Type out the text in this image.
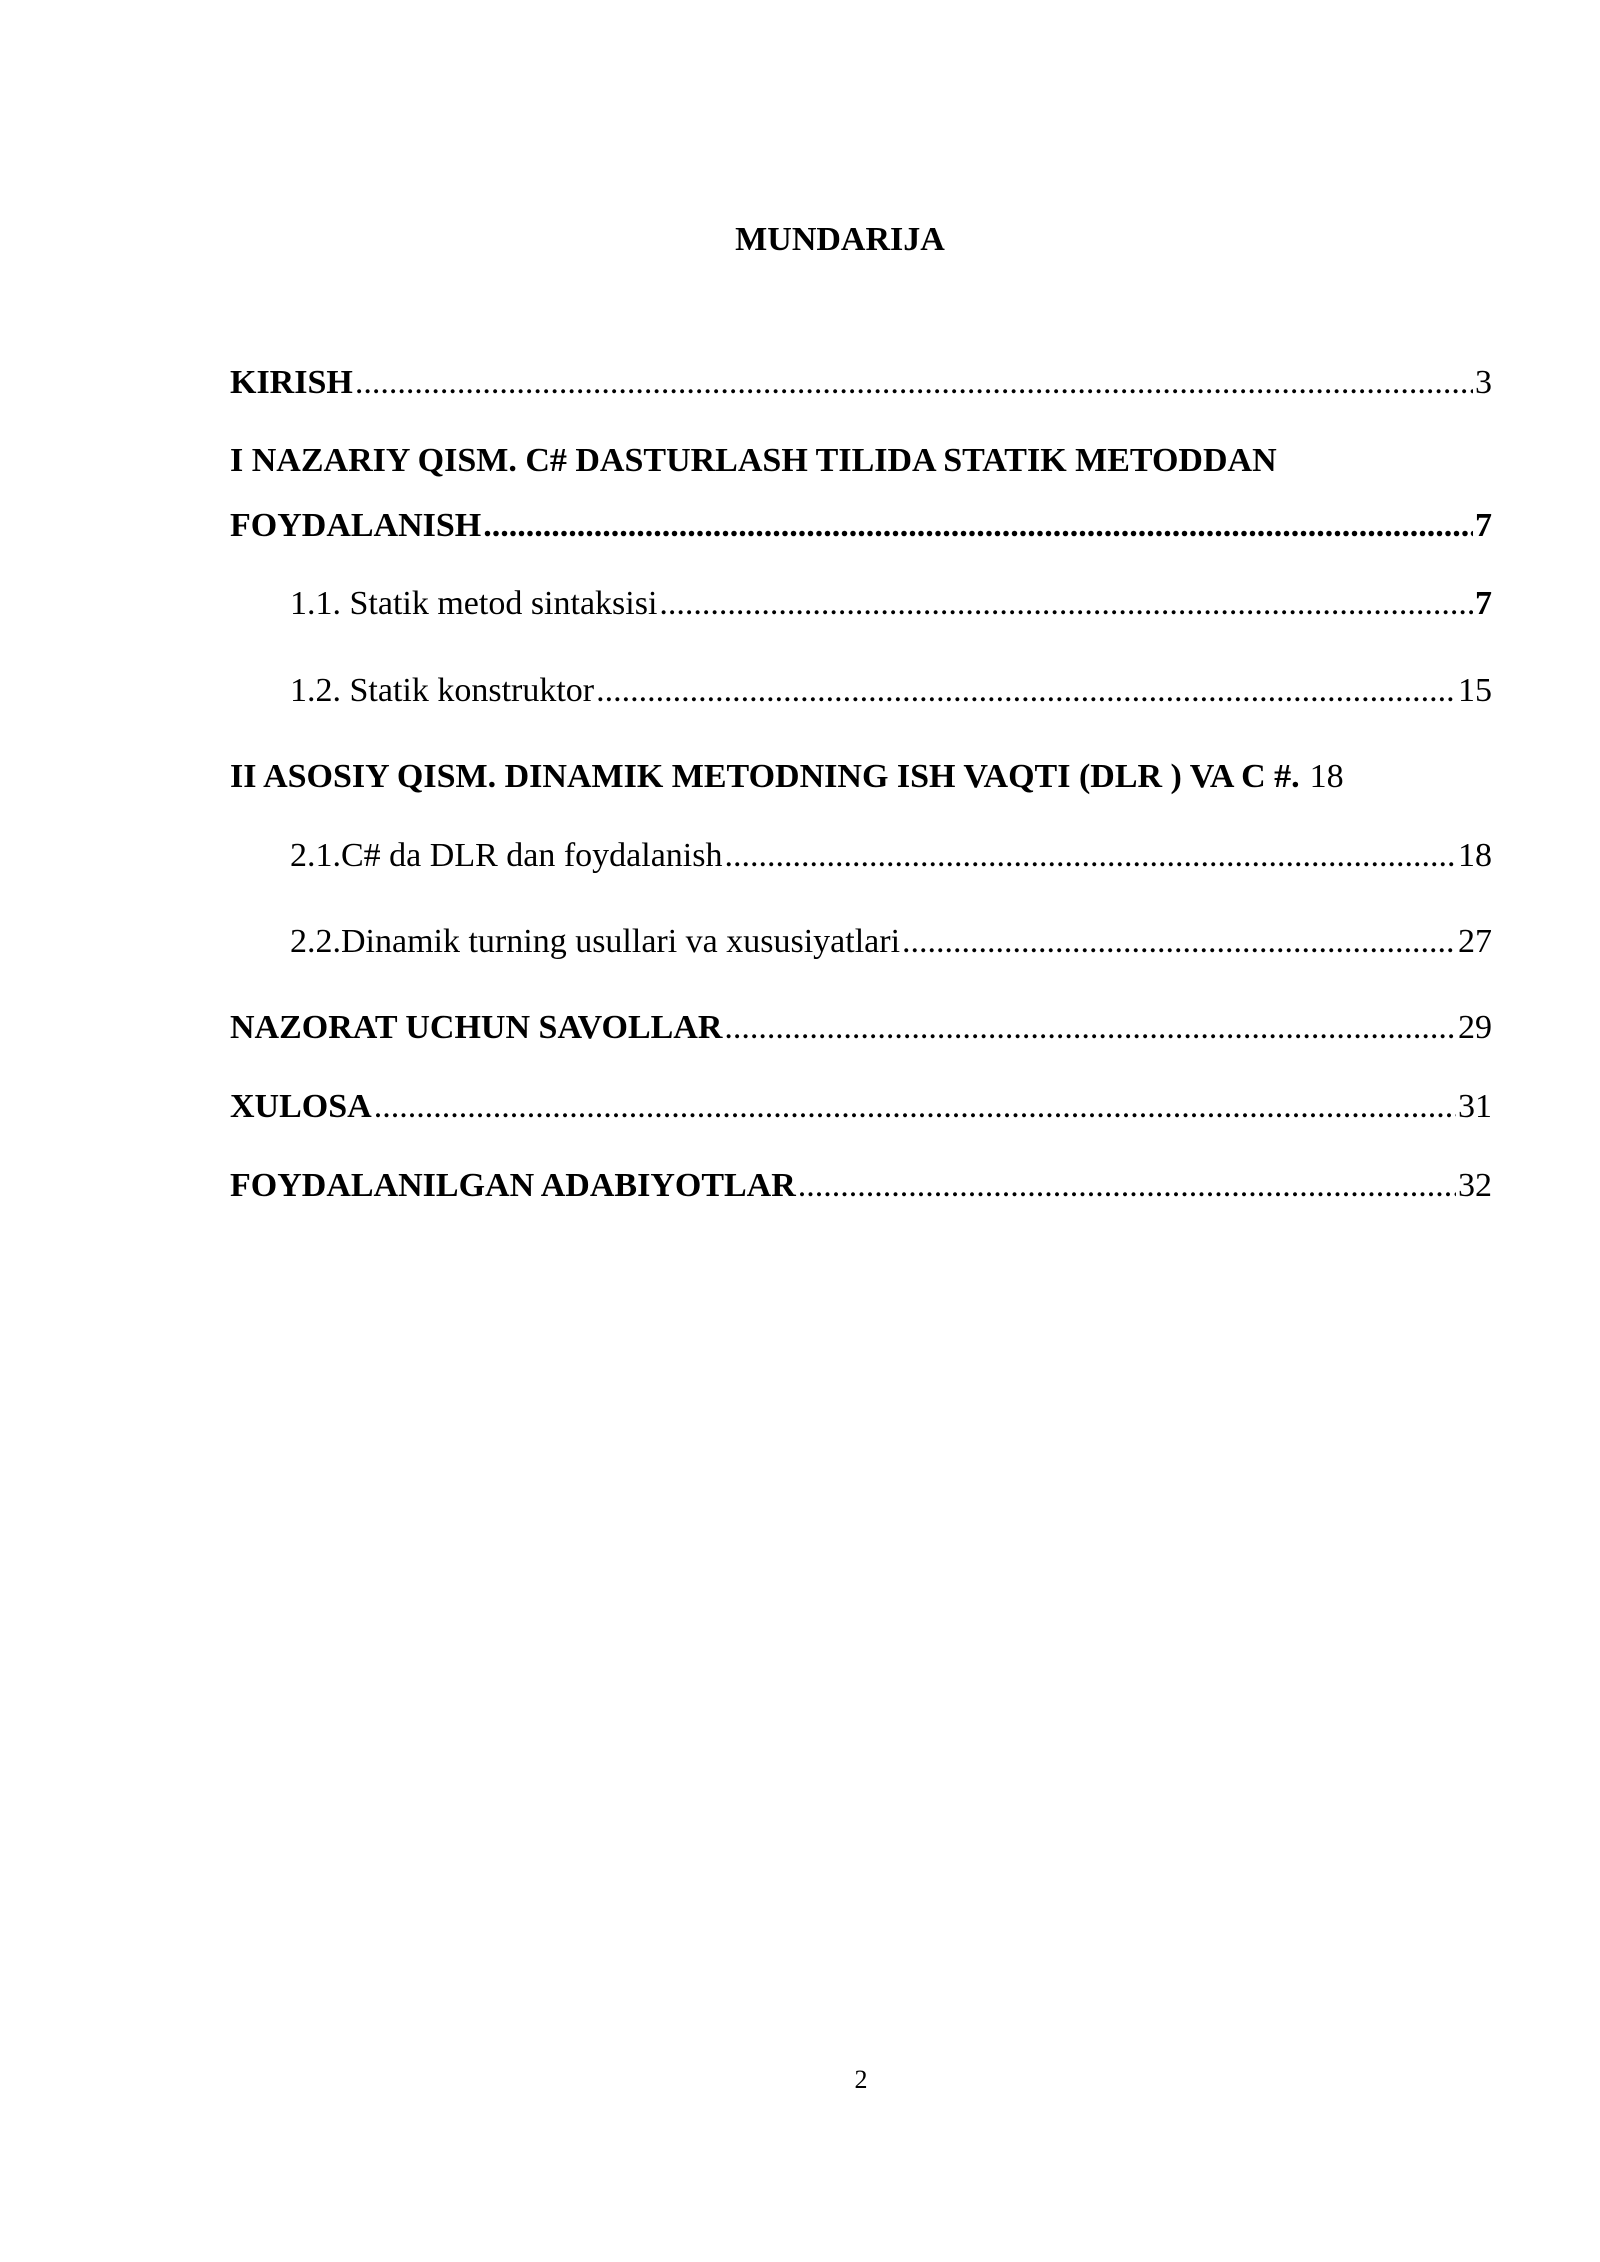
MUNDARIJA
KIRISH .....	3
I NAZARIY QISM. C# DASTURLASH TILIDA STATIK METODDAN
FOYDALANISH .....	7
1.1. Statik metod sintaksisi .....	7
1.2. Statik konstruktor .....	15
II ASOSIY QISM. DINAMIK METODNING ISH VAQTI (DLR ) VA C #. 18
2.1.C# da DLR dan foydalanish .....	18
2.2.Dinamik turning usullari va xususiyatlari .....	27
NAZORAT UCHUN SAVOLLAR .....	29
XULOSA .....	31
FOYDALANILGAN ADABIYOTLAR .....	32
2
